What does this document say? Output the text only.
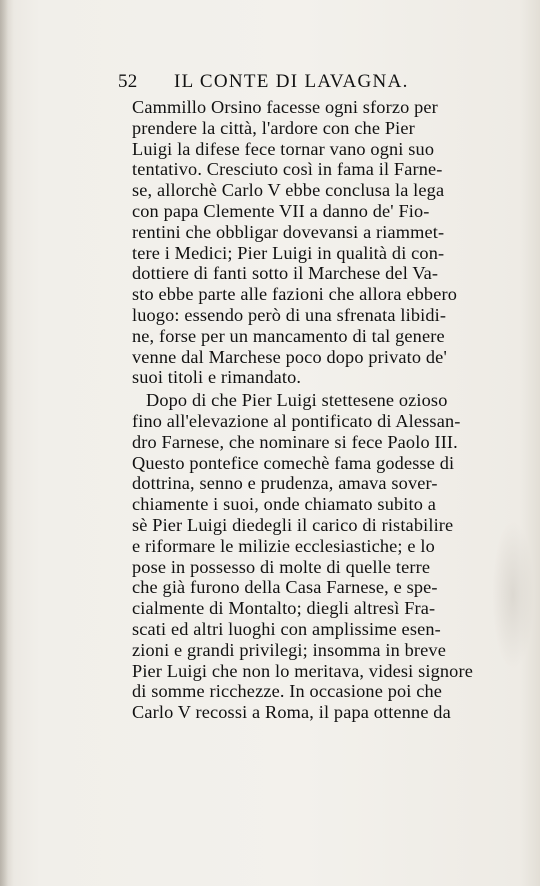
52 IL CONTE DI LAVAGNA.
Cammillo Orsino facesse ogni sforzo per
prendere la città, l'ardore con che Pier
Luigi la difese fece tornar vano ogni suo
tentativo. Cresciuto così in fama il Farne-
se, allorchè Carlo V ebbe conclusa la lega
con papa Clemente VII a danno de' Fio-
rentini che obbligar dovevansi a riammet-
tere i Medici; Pier Luigi in qualità di con-
dottiere di fanti sotto il Marchese del Va-
sto ebbe parte alle fazioni che allora ebbero
luogo: essendo però di una sfrenata libidi-
ne, forse per un mancamento di tal genere
venne dal Marchese poco dopo privato de'
suoi titoli e rimandato.
Dopo di che Pier Luigi stettesene ozioso
fino all'elevazione al pontificato di Alessan-
dro Farnese, che nominare si fece Paolo III.
Questo pontefice comechè fama godesse di
dottrina, senno e prudenza, amava sover-
chiamente i suoi, onde chiamato subito a
sè Pier Luigi diedegli il carico di ristabilire
e riformare le milizie ecclesiastiche; e lo
pose in possesso di molte di quelle terre
che già furono della Casa Farnese, e spe-
cialmente di Montalto; diegli altresì Fra-
scati ed altri luoghi con amplissime esen-
zioni e grandi privilegi; insomma in breve
Pier Luigi che non lo meritava, videsi signore
di somme ricchezze. In occasione poi che
Carlo V recossi a Roma, il papa ottenne da
